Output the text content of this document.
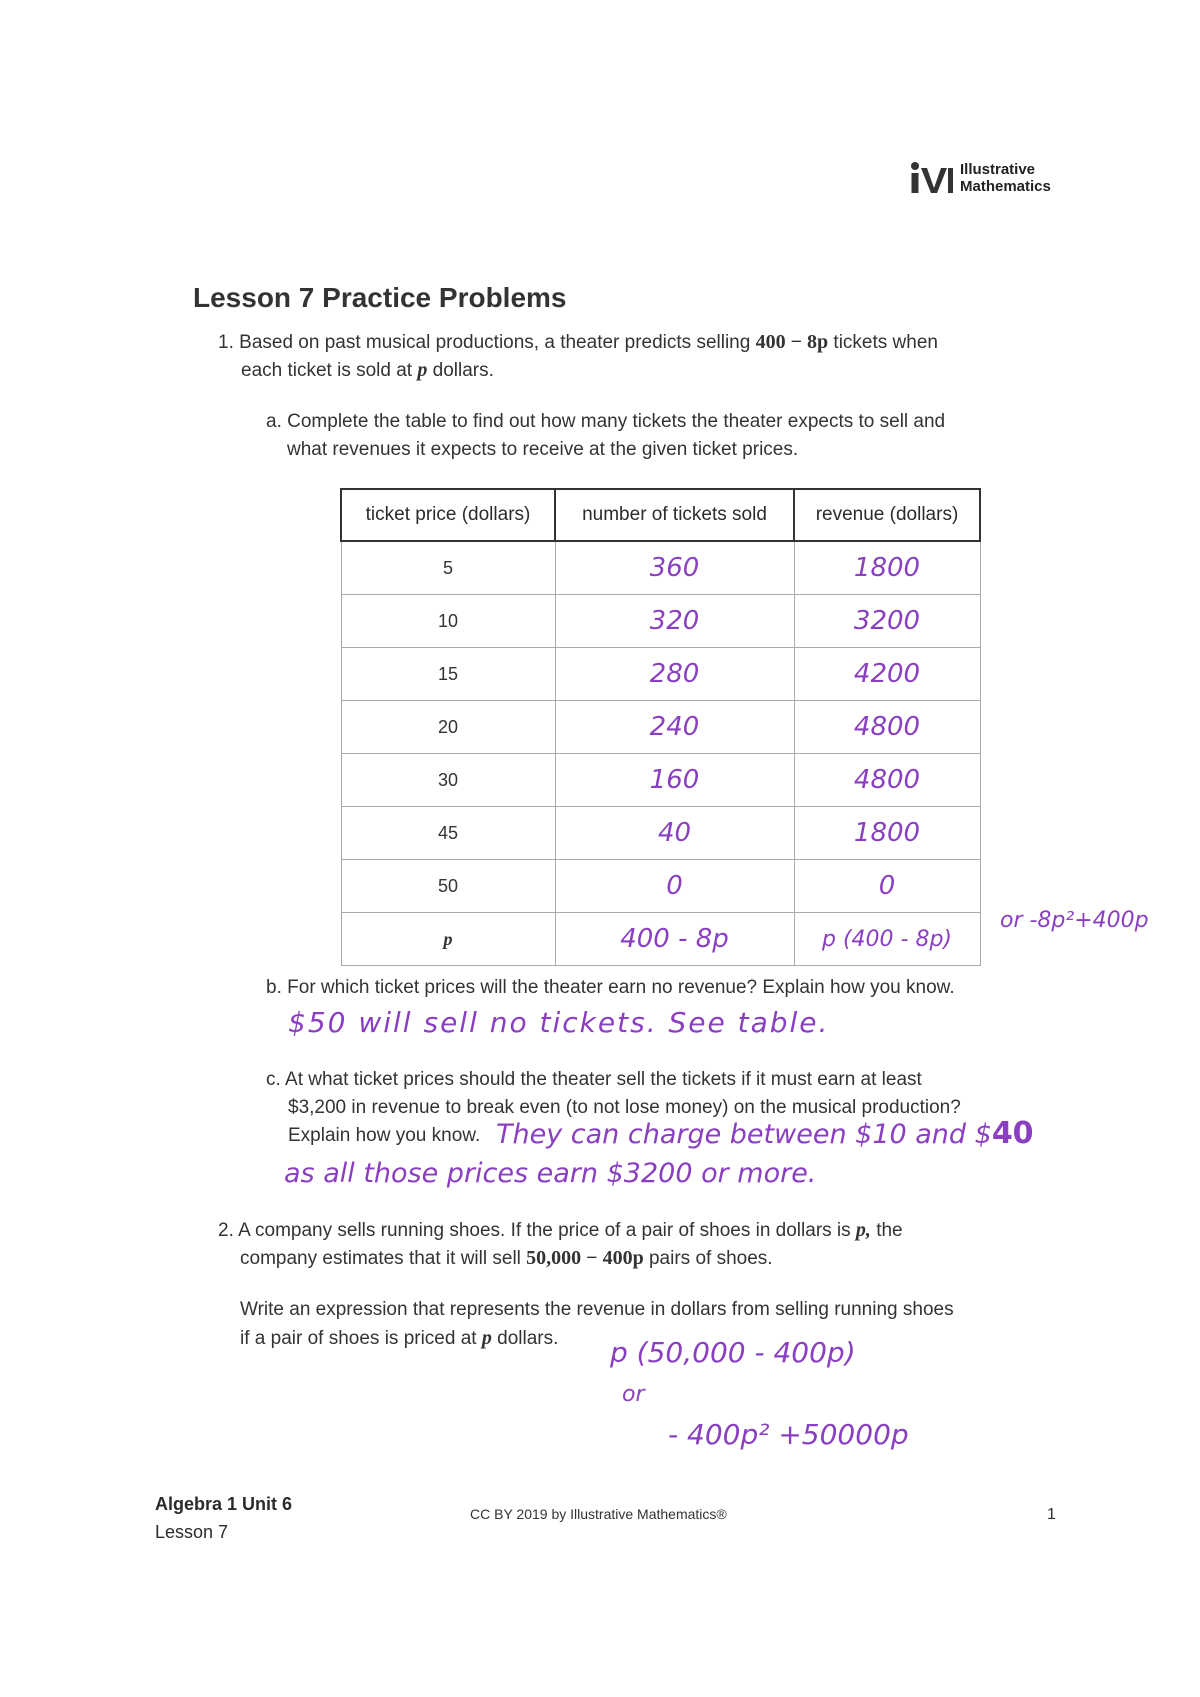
Illustrative
Mathematics
Lesson 7 Practice Problems
1. Based on past musical productions, a theater predicts selling 400 − 8p tickets when
each ticket is sold at p dollars.
a. Complete the table to find out how many tickets the theater expects to sell and
what revenues it expects to receive at the given ticket prices.
ticket price (dollars)	number of tickets sold	revenue (dollars)
5	360	1800
10	320	3200
15	280	4200
20	240	4800
30	160	4800
45	40	1800
50	0	0
p	400 - 8p	p (400 - 8p)
or -8p²+400p
b. For which ticket prices will the theater earn no revenue? Explain how you know.
$50 will sell no tickets. See table.
c. At what ticket prices should the theater sell the tickets if it must earn at least
$3,200 in revenue to break even (to not lose money) on the musical production?
Explain how you know. They can charge between $10 and $40
as all those prices earn $3200 or more.
2. A company sells running shoes. If the price of a pair of shoes in dollars is p, the
company estimates that it will sell 50,000 − 400p pairs of shoes.
Write an expression that represents the revenue in dollars from selling running shoes
if a pair of shoes is priced at p dollars. p (50,000 - 400p)
or
- 400p² +50000p
Algebra 1 Unit 6
Lesson 7
CC BY 2019 by Illustrative Mathematics®	1
